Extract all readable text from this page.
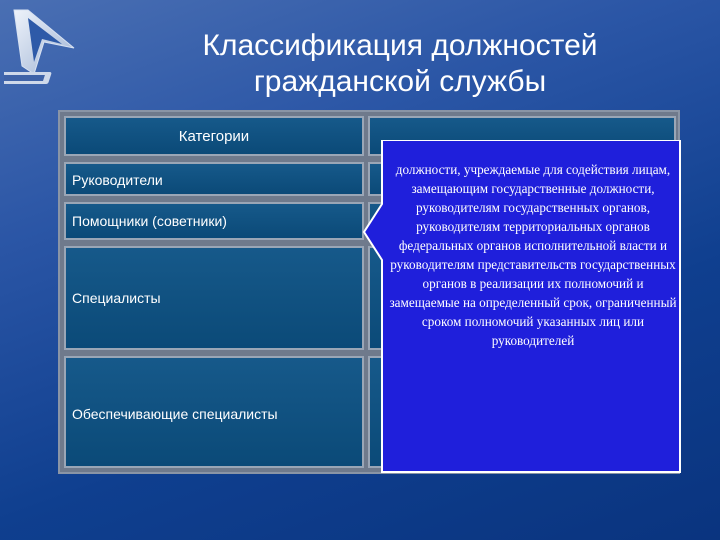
Классификация должностей гражданской службы
Категории
Руководители
Помощники (советники)
Специалисты
Обеспечивающие специалисты
должности, учреждаемые для содействия лицам, замещающим государственные должности, руководителям государственных органов, руководителям территориальных органов федеральных органов исполнительной власти и руководителям представительств государственных органов в реализации их полномочий и замещаемые на определенный срок, ограниченный сроком полномочий указанных лиц или руководителей
